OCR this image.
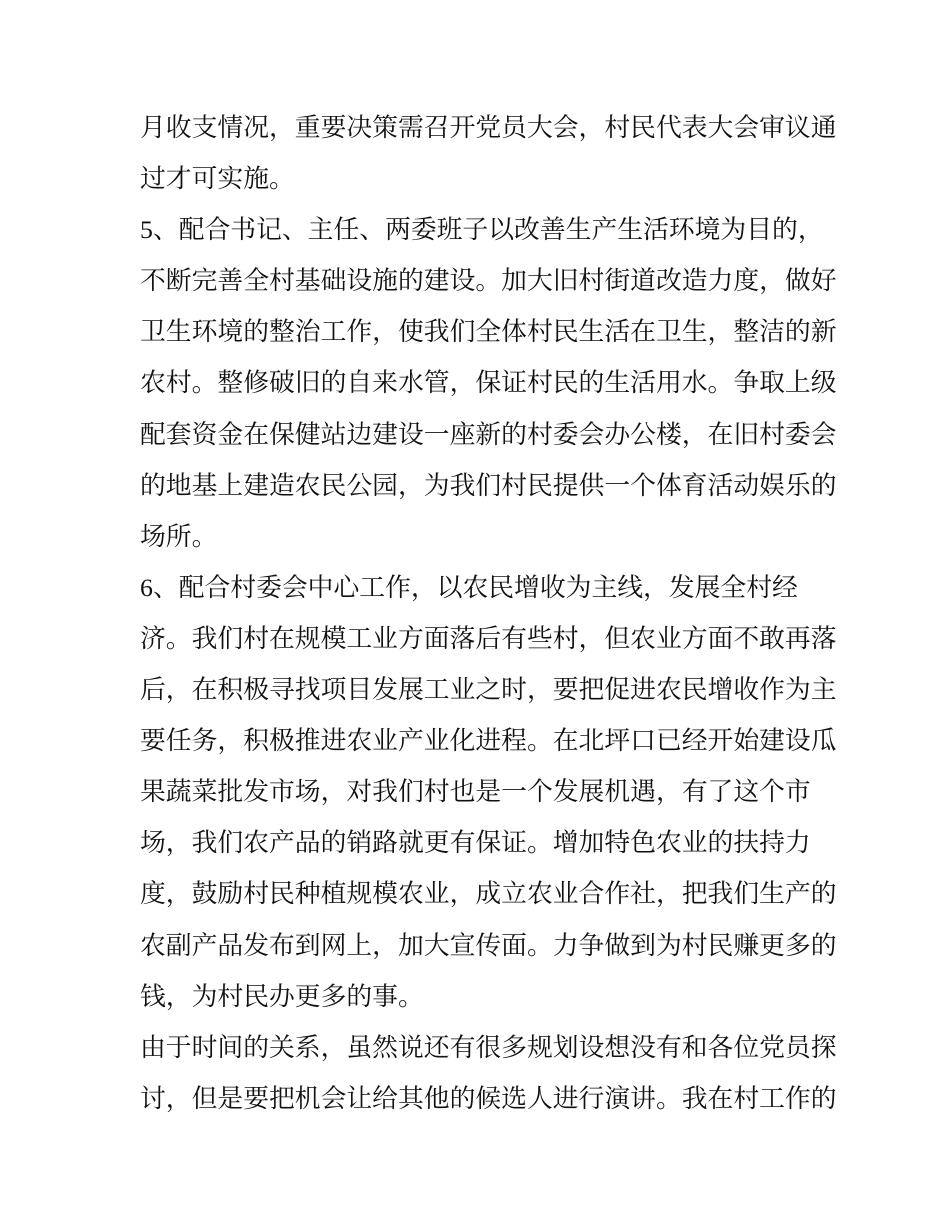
月收支情况，重要决策需召开党员大会，村民代表大会审议通
过才可实施。
5、配合书记、主任、两委班子以改善生产生活环境为目的，
不断完善全村基础设施的建设。加大旧村街道改造力度，做好
卫生环境的整治工作，使我们全体村民生活在卫生，整洁的新
农村。整修破旧的自来水管，保证村民的生活用水。争取上级
配套资金在保健站边建设一座新的村委会办公楼，在旧村委会
的地基上建造农民公园，为我们村民提供一个体育活动娱乐的
场所。
6、配合村委会中心工作，以农民增收为主线，发展全村经
济。我们村在规模工业方面落后有些村，但农业方面不敢再落
后，在积极寻找项目发展工业之时，要把促进农民增收作为主
要任务，积极推进农业产业化进程。在北坪口已经开始建设瓜
果蔬菜批发市场，对我们村也是一个发展机遇，有了这个市
场，我们农产品的销路就更有保证。增加特色农业的扶持力
度，鼓励村民种植规模农业，成立农业合作社，把我们生产的
农副产品发布到网上，加大宣传面。力争做到为村民赚更多的
钱，为村民办更多的事。
由于时间的关系，虽然说还有很多规划设想没有和各位党员探
讨，但是要把机会让给其他的候选人进行演讲。我在村工作的
